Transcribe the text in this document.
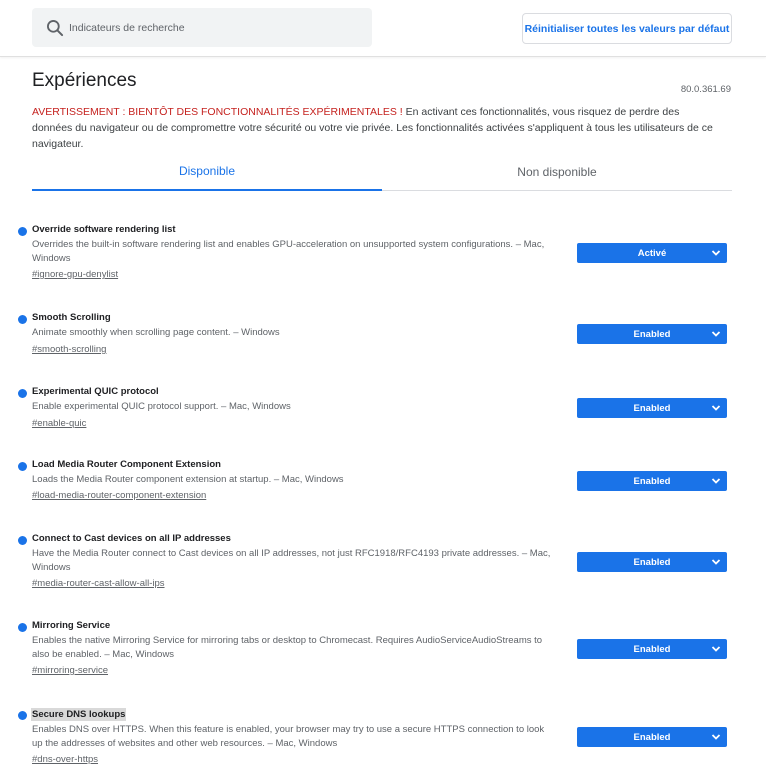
Indicateurs de recherche
Réinitialiser toutes les valeurs par défaut
Expériences	80.0.361.69

AVERTISSEMENT : BIENTÔT DES FONCTIONNALITÉS EXPÉRIMENTALES ! En activant ces fonctionnalités, vous risquez de perdre des données du navigateur ou de compromettre votre sécurité ou votre vie privée. Les fonctionnalités activées s'appliquent à tous les utilisateurs de ce navigateur.

Disponible	Non disponible
Override software rendering list
Overrides the built-in software rendering list and enables GPU-acceleration on unsupported system configurations. – Mac, Windows
#ignore-gpu-denylist
Activé
Smooth Scrolling
Animate smoothly when scrolling page content. – Windows
#smooth-scrolling
Enabled
Experimental QUIC protocol
Enable experimental QUIC protocol support. – Mac, Windows
#enable-quic
Enabled
Load Media Router Component Extension
Loads the Media Router component extension at startup. – Mac, Windows
#load-media-router-component-extension
Enabled
Connect to Cast devices on all IP addresses
Have the Media Router connect to Cast devices on all IP addresses, not just RFC1918/RFC4193 private addresses. – Mac, Windows
#media-router-cast-allow-all-ips
Enabled
Mirroring Service
Enables the native Mirroring Service for mirroring tabs or desktop to Chromecast. Requires AudioServiceAudioStreams to also be enabled. – Mac, Windows
#mirroring-service
Enabled
Secure DNS lookups
Enables DNS over HTTPS. When this feature is enabled, your browser may try to use a secure HTTPS connection to look up the addresses of websites and other web resources. – Mac, Windows
#dns-over-https
Enabled
